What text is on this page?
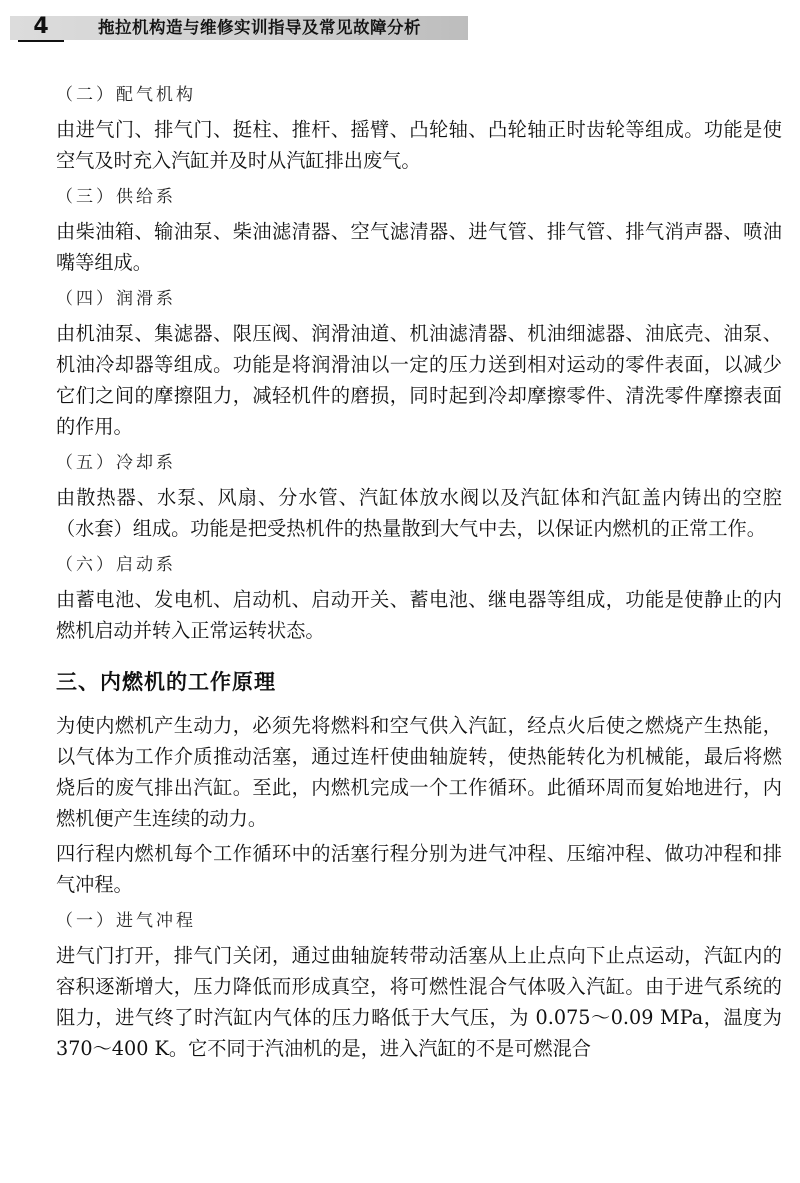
4	拖拉机构造与维修实训指导及常见故障分析

（二）配气机构

由进气门、排气门、挺柱、推杆、摇臂、凸轮轴、凸轮轴正时齿轮等组成。功能是使空气及时充入汽缸并及时从汽缸排出废气。

（三）供给系

由柴油箱、输油泵、柴油滤清器、空气滤清器、进气管、排气管、排气消声器、喷油嘴等组成。

（四）润滑系

由机油泵、集滤器、限压阀、润滑油道、机油滤清器、机油细滤器、油底壳、油泵、机油冷却器等组成。功能是将润滑油以一定的压力送到相对运动的零件表面，以减少它们之间的摩擦阻力，减轻机件的磨损，同时起到冷却摩擦零件、清洗零件摩擦表面的作用。

（五）冷却系

由散热器、水泵、风扇、分水管、汽缸体放水阀以及汽缸体和汽缸盖内铸出的空腔（水套）组成。功能是把受热机件的热量散到大气中去，以保证内燃机的正常工作。

（六）启动系

由蓄电池、发电机、启动机、启动开关、蓄电池、继电器等组成，功能是使静止的内燃机启动并转入正常运转状态。

三、内燃机的工作原理

为使内燃机产生动力，必须先将燃料和空气供入汽缸，经点火后使之燃烧产生热能，以气体为工作介质推动活塞，通过连杆使曲轴旋转，使热能转化为机械能，最后将燃烧后的废气排出汽缸。至此，内燃机完成一个工作循环。此循环周而复始地进行，内燃机便产生连续的动力。

四行程内燃机每个工作循环中的活塞行程分别为进气冲程、压缩冲程、做功冲程和排气冲程。

（一）进气冲程

进气门打开，排气门关闭，通过曲轴旋转带动活塞从上止点向下止点运动，汽缸内的容积逐渐增大，压力降低而形成真空，将可燃性混合气体吸入汽缸。由于进气系统的阻力，进气终了时汽缸内气体的压力略低于大气压，为 0.075～0.09 MPa，温度为 370～400 K。它不同于汽油机的是，进入汽缸的不是可燃混合
